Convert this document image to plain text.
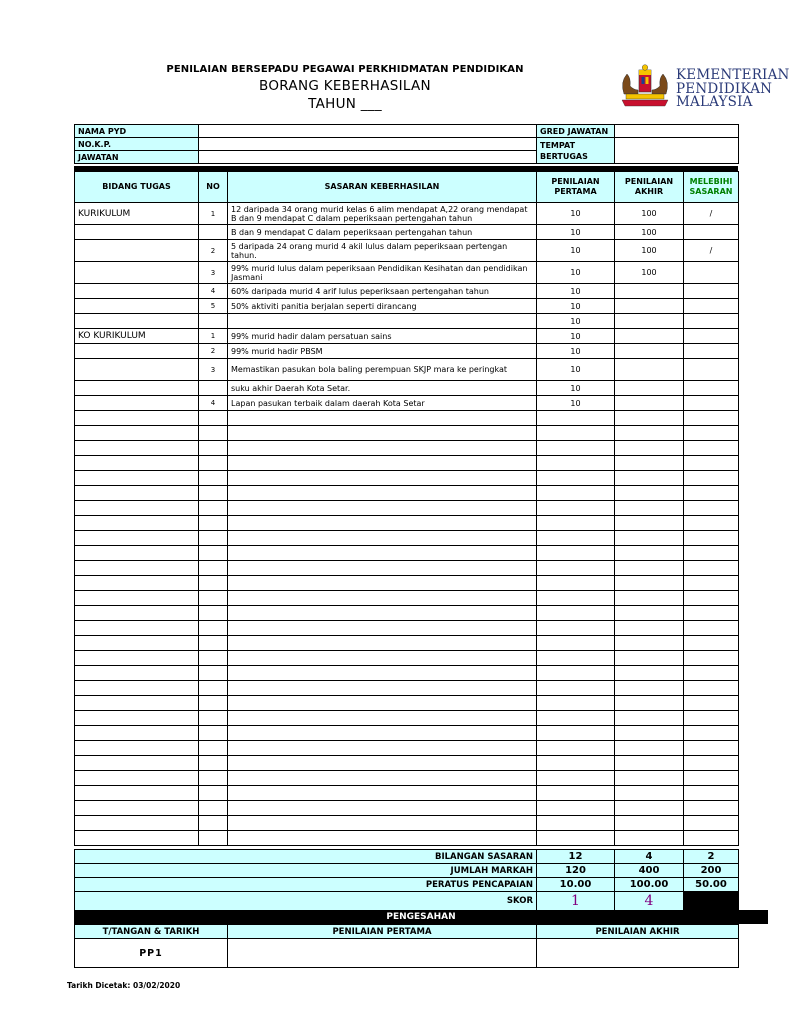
PENILAIAN BERSEPADU PEGAWAI PERKHIDMATAN PENDIDIKAN
BORANG KEBERHASILAN
TAHUN ___
KEMENTERIAN
PENDIDIKAN
MALAYSIA
NAMA PYD		GRED JAWATAN	
NO.K.P.		TEMPAT
BERTUGAS	

JAWATAN			
BIDANG TUGAS	NO	SASARAN KEBERHASILAN	PENILAIAN PERTAMA	PENILAIAN AKHIR	MELEBIHI SASARAN
KURIKULUM	1	12 daripada 34 orang murid kelas 6 alim mendapat A,22 orang mendapat B dan 9 mendapat C dalam peperiksaan pertengahan tahun	10	100	/
		B dan 9 mendapat C dalam peperiksaan pertengahan tahun	10	100	
	2	5 daripada 24 orang murid 4 akil lulus dalam peperiksaan pertengan tahun.	10	100	/
	3	99% murid lulus dalam peperiksaan Pendidikan Kesihatan dan pendidikan Jasmani	10	100	
	4	60% daripada murid 4 arif lulus peperiksaan pertengahan tahun	10		
	5	50% aktiviti panitia berjalan seperti dirancang	10		
			10		
KO KURIKULUM	1	99% murid hadir dalam persatuan sains	10		
	2	99% murid hadir PBSM	10		
	3	Memastikan pasukan bola baling perempuan SKJP mara ke peringkat	10		
		suku akhir Daerah Kota Setar.	10		
	4	Lapan pasukan terbaik dalam daerah Kota Setar	10		

BILANGAN SASARAN	12	4	2
JUMLAH MARKAH	120	400	200
PERATUS PENCAPAIAN	10.00	100.00	50.00
SKOR	1	4	
PENGESAHAN
T/TANGAN & TARIKH	PENILAIAN PERTAMA	PENILAIAN AKHIR
PP1		
Tarikh Dicetak: 03/02/2020
